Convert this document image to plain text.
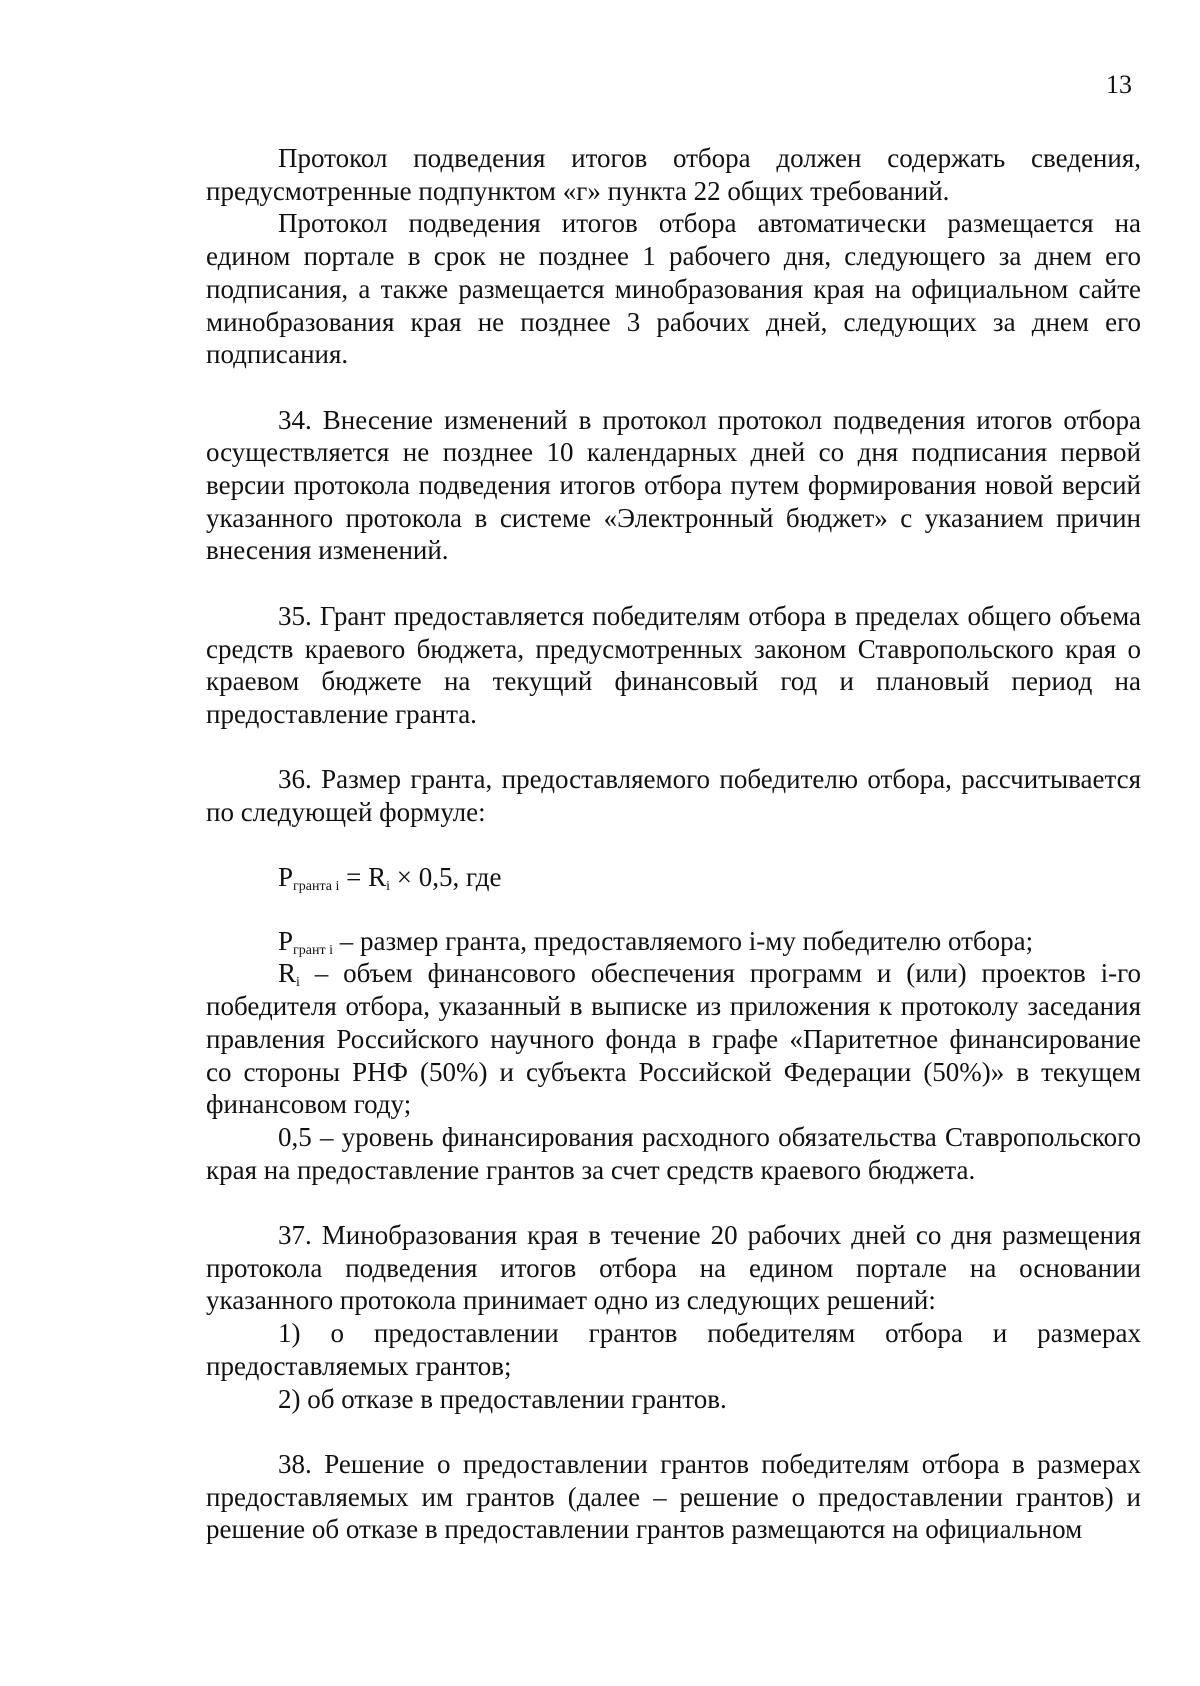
13

Протокол подведения итогов отбора должен содержать сведения, предусмотренные подпунктом «г» пункта 22 общих требований.

Протокол подведения итогов отбора автоматически размещается на едином портале в срок не позднее 1 рабочего дня, следующего за днем его подписания, а также размещается минобразования края на официальном сайте минобразования края не позднее 3 рабочих дней, следующих за днем его подписания.

34. Внесение изменений в протокол протокол подведения итогов отбора осуществляется не позднее 10 календарных дней со дня подписания первой версии протокола подведения итогов отбора путем формирования новой версий указанного протокола в системе «Электронный бюджет» с указанием причин внесения изменений.

35. Грант предоставляется победителям отбора в пределах общего объема средств краевого бюджета, предусмотренных законом Ставропольского края о краевом бюджете на текущий финансовый год и плановый период на предоставление гранта.

36. Размер гранта, предоставляемого победителю отбора, рассчитывается по следующей формуле:

$P_{гранта i} = R_i \times 0,5$, где

$P_{грант i}$ – размер гранта, предоставляемого i-му победителю отбора;

$R_i$ – объем финансового обеспечения программ и (или) проектов i-го победителя отбора, указанный в выписке из приложения к протоколу заседания правления Российского научного фонда в графе «Паритетное финансирование со стороны РНФ (50%) и субъекта Российской Федерации (50%)» в текущем финансовом году;

0,5 – уровень финансирования расходного обязательства Ставропольского края на предоставление грантов за счет средств краевого бюджета.

37. Минобразования края в течение 20 рабочих дней со дня размещения протокола подведения итогов отбора на едином портале на основании указанного протокола принимает одно из следующих решений:

1) о предоставлении грантов победителям отбора и размерах предоставляемых грантов;

2) об отказе в предоставлении грантов.

38. Решение о предоставлении грантов победителям отбора в размерах предоставляемых им грантов (далее – решение о предоставлении грантов) и решение об отказе в предоставлении грантов размещаются на официальном
